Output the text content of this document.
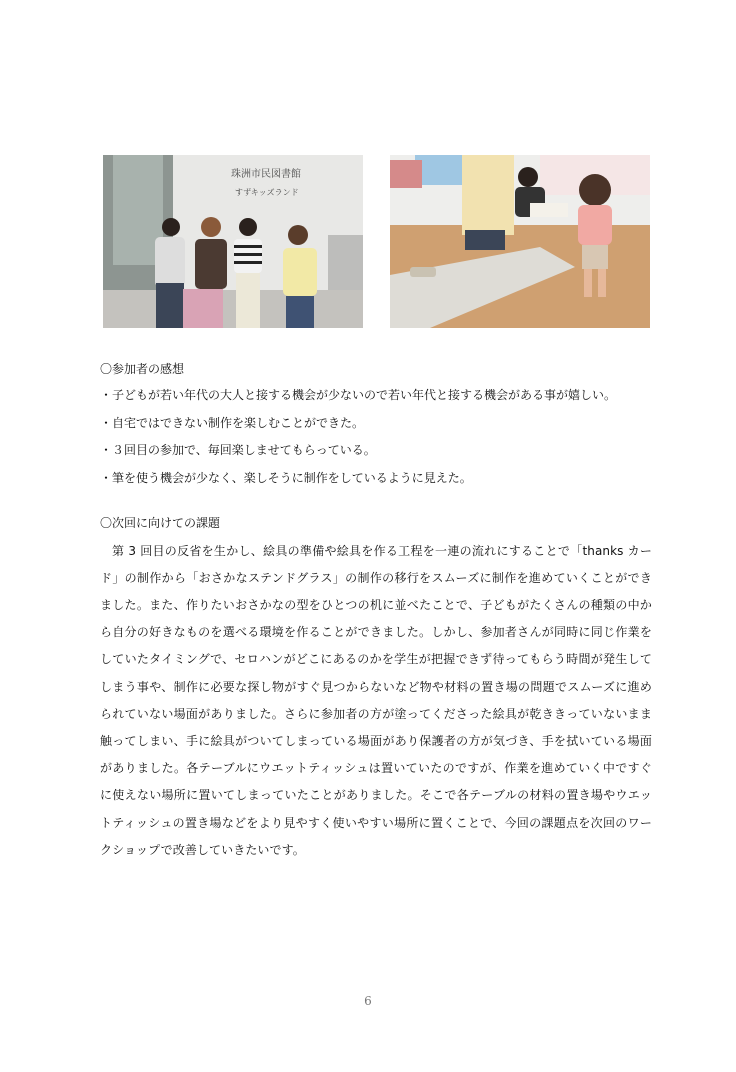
珠洲市民図書館
すずキッズランド
〇参加者の感想
・子どもが若い年代の大人と接する機会が少ないので若い年代と接する機会がある事が嬉しい。
・自宅ではできない制作を楽しむことができた。
・３回目の参加で、毎回楽しませてもらっている。
・筆を使う機会が少なく、楽しそうに制作をしているように見えた。
〇次回に向けての課題

第 3 回目の反省を生かし、絵具の準備や絵具を作る工程を一連の流れにすることで「thanks カード」の制作から「おさかなステンドグラス」の制作の移行をスムーズに制作を進めていくことができました。また、作りたいおさかなの型をひとつの机に並べたことで、子どもがたくさんの種類の中から自分の好きなものを選べる環境を作ることができました。しかし、参加者さんが同時に同じ作業をしていたタイミングで、セロハンがどこにあるのかを学生が把握できず待ってもらう時間が発生してしまう事や、制作に必要な探し物がすぐ見つからないなど物や材料の置き場の問題でスムーズに進められていない場面がありました。さらに参加者の方が塗ってくださった絵具が乾ききっていないまま触ってしまい、手に絵具がついてしまっている場面があり保護者の方が気づき、手を拭いている場面がありました。各テーブルにウエットティッシュは置いていたのですが、作業を進めていく中ですぐに使えない場所に置いてしまっていたことがありました。そこで各テーブルの材料の置き場やウエットティッシュの置き場などをより見やすく使いやすい場所に置くことで、今回の課題点を次回のワークショップで改善していきたいです。

6
